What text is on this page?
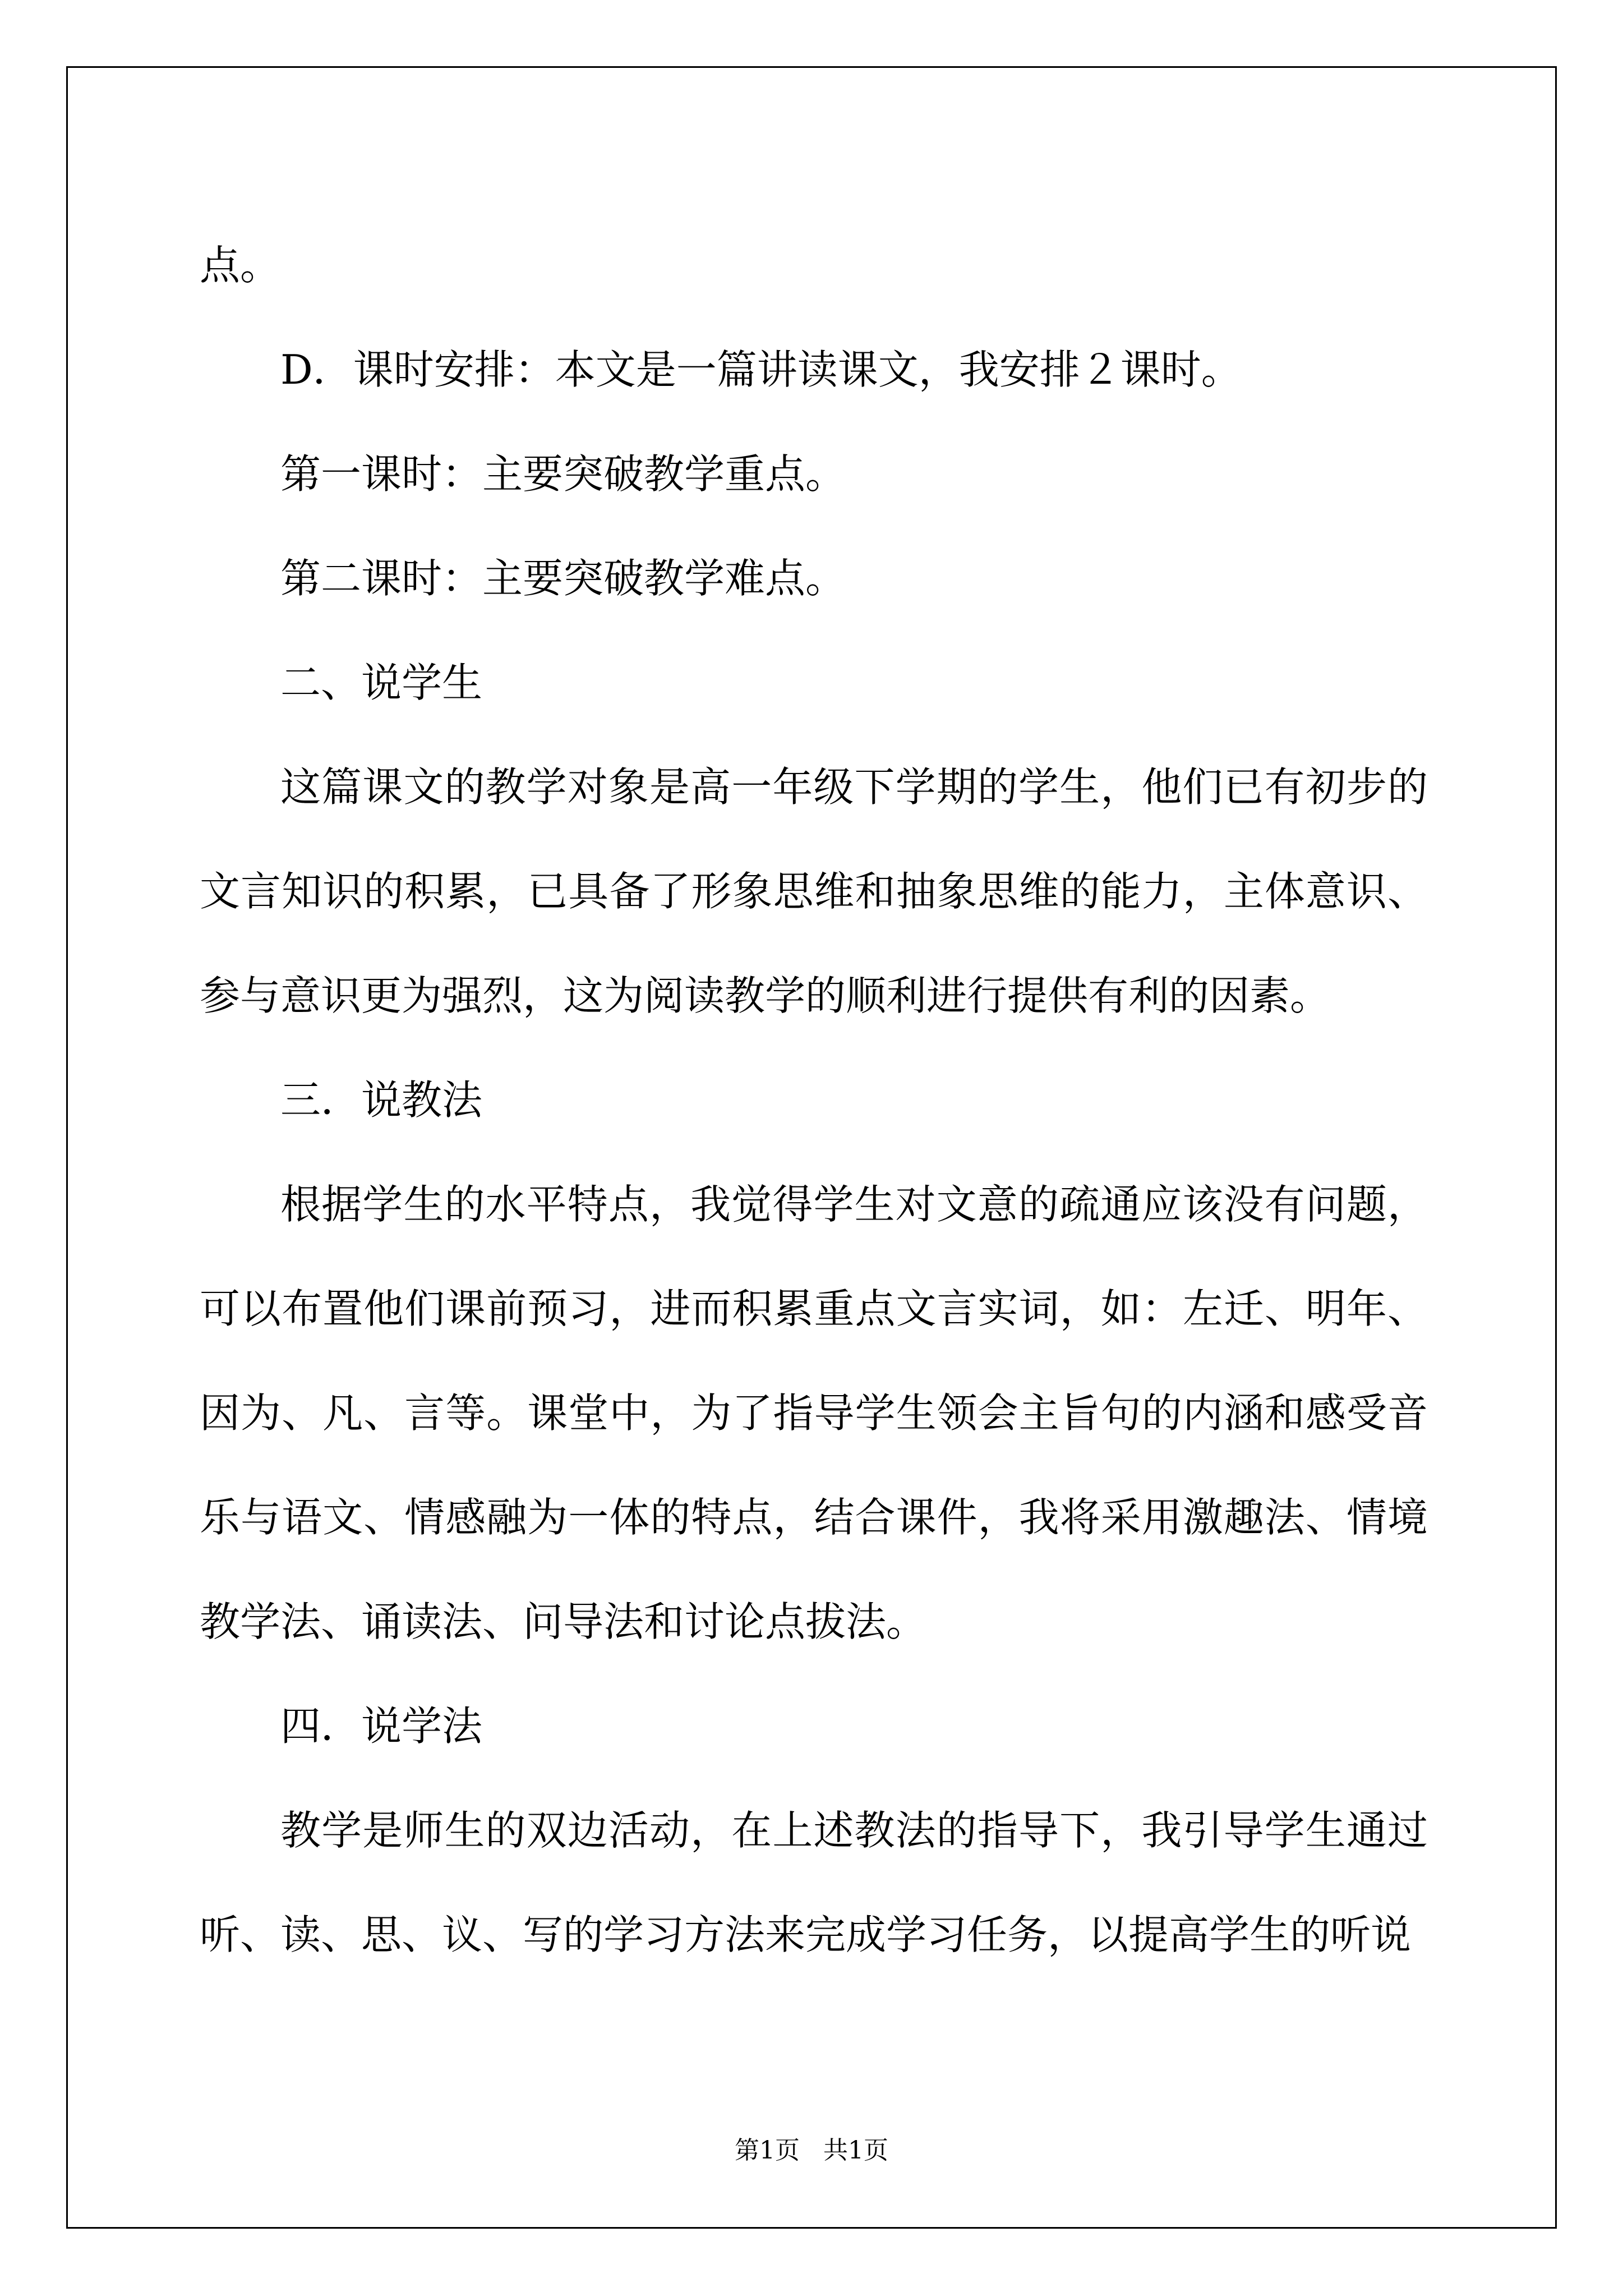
点。

D．课时安排：本文是一篇讲读课文，我安排２课时。

第一课时：主要突破教学重点。

第二课时：主要突破教学难点。

二、说学生

这篇课文的教学对象是高一年级下学期的学生，他们已有初步的文言知识的积累，已具备了形象思维和抽象思维的能力，主体意识、参与意识更为强烈，这为阅读教学的顺利进行提供有利的因素。

三．说教法

根据学生的水平特点，我觉得学生对文意的疏通应该没有问题，可以布置他们课前预习，进而积累重点文言实词，如：左迁、明年、因为、凡、言等。课堂中，为了指导学生领会主旨句的内涵和感受音乐与语文、情感融为一体的特点，结合课件，我将采用激趣法、情境教学法、诵读法、问导法和讨论点拔法。

四．说学法

教学是师生的双边活动，在上述教法的指导下，我引导学生通过听、读、思、议、写的学习方法来完成学习任务，以提高学生的听说

第1页 共1页
